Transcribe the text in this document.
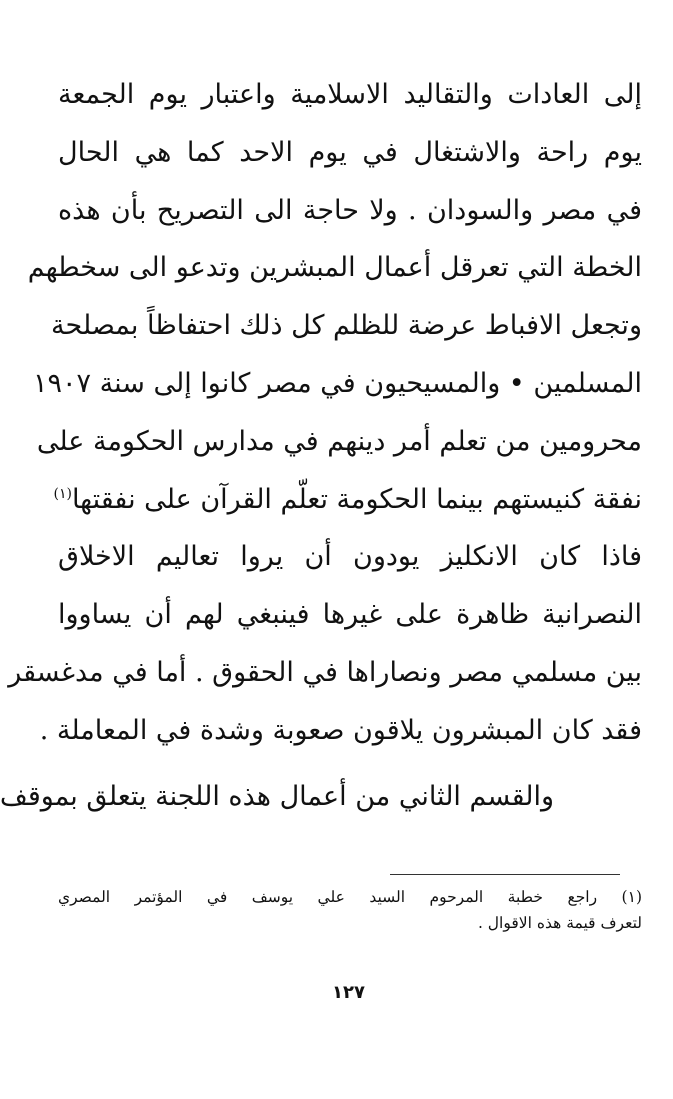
إلى العادات والتقاليد الاسلامية واعتبار يوم الجمعة
يوم راحة والاشتغال في يوم الاحد كما هي الحال
في مصر والسودان . ولا حاجة الى التصريح بأن هذه
الخطة التي تعرقل أعمال المبشرين وتدعو الى سخطهم
وتجعل الافباط عرضة للظلم كل ذلك احتفاظاً بمصلحة
المسلمين • والمسيحيون في مصر كانوا إلى سنة ١٩٠٧
محرومين من تعلم أمر دينهم في مدارس الحكومة على
نفقة كنيستهم بينما الحكومة تعلّم القرآن على نفقتها$^{(١)}$
فاذا كان الانكليز يودون أن يروا تعاليم الاخلاق
النصرانية ظاهرة على غيرها فينبغي لهم أن يساووا
بين مسلمي مصر ونصاراها في الحقوق . أما في مدغسقر
فقد كان المبشرون يلاقون صعوبة وشدة في المعاملة .
والقسم الثاني من أعمال هذه اللجنة يتعلق بموقف
(١) راجع خطبة المرحوم السيد علي يوسف في المؤتمر المصري
لتعرف قيمة هذه الاقوال .
١٢٧
